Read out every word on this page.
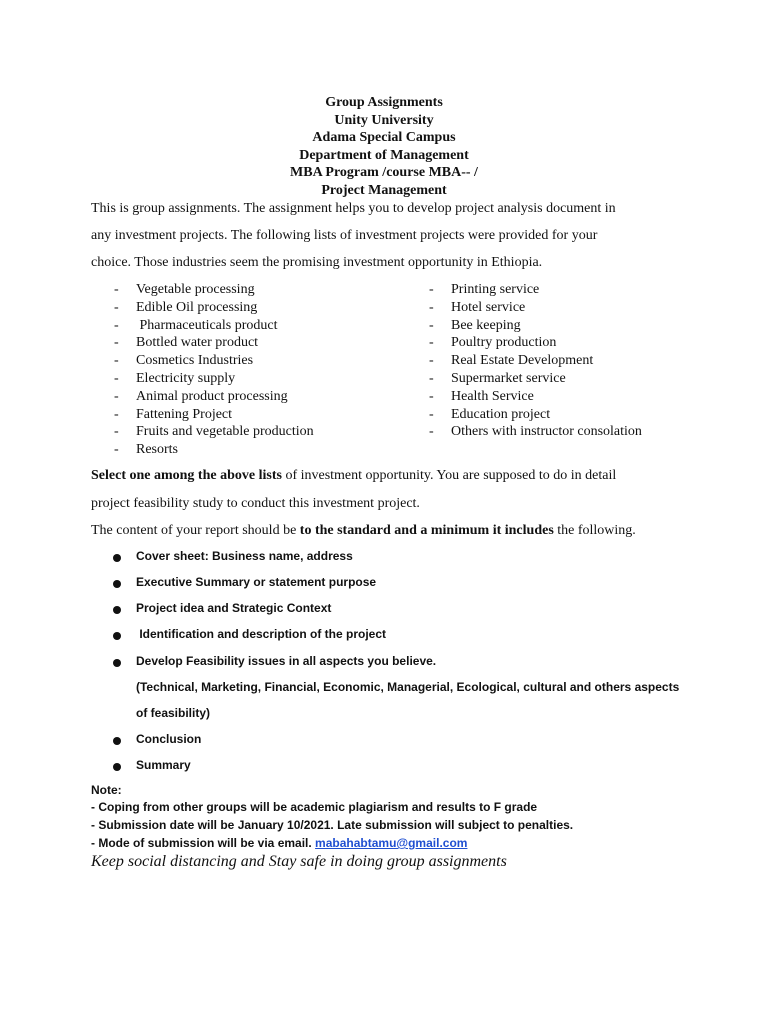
Group Assignments
Unity University
Adama Special Campus
Department of Management
MBA Program /course MBA-- /
Project Management
This is group assignments. The assignment helps you to develop project analysis document in
any investment projects. The following lists of investment projects were provided for your
choice. Those industries seem the promising investment opportunity in Ethiopia.
- Vegetable processing
- Edible Oil processing
- Pharmaceuticals product
- Bottled water product
- Cosmetics Industries
- Electricity supply
- Animal product processing
- Fattening Project
- Fruits and vegetable production
- Resorts
- Printing service
- Hotel service
- Bee keeping
- Poultry production
- Real Estate Development
- Supermarket service
- Health Service
- Education project
- Others with instructor consolation
Select one among the above lists of investment opportunity. You are supposed to do in detail
project feasibility study to conduct this investment project.
The content of your report should be to the standard and a minimum it includes the following.
Cover sheet: Business name, address
Executive Summary or statement purpose
Project idea and Strategic Context
Identification and description of the project
Develop Feasibility issues in all aspects you believe.
Conclusion
Summary
(Technical, Marketing, Financial, Economic, Managerial, Ecological, cultural and others aspects
of feasibility)
Note:
- Coping from other groups will be academic plagiarism and results to F grade
- Submission date will be January 10/2021. Late submission will subject to penalties.
- Mode of submission will be via email. mabahabtamu@gmail.com
Keep social distancing and Stay safe in doing group assignments
